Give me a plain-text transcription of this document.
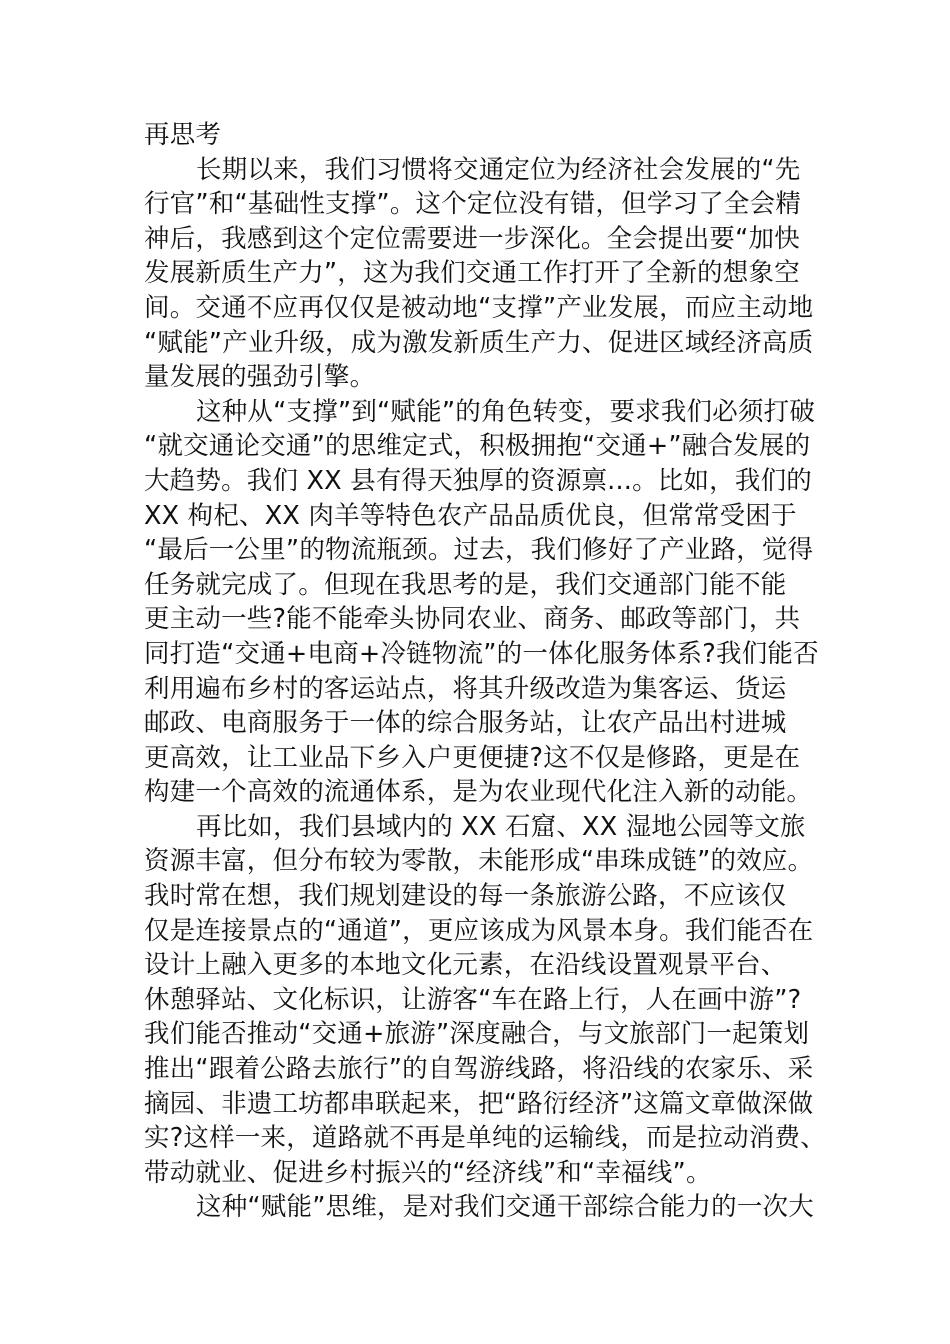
再思考
长期以来，我们习惯将交通定位为经济社会发展的“先
行官”和“基础性支撑”。这个定位没有错，但学习了全会精
神后，我感到这个定位需要进一步深化。全会提出要“加快
发展新质生产力”，这为我们交通工作打开了全新的想象空
间。交通不应再仅仅是被动地“支撑”产业发展，而应主动地
“赋能”产业升级，成为激发新质生产力、促进区域经济高质
量发展的强劲引擎。
这种从“支撑”到“赋能”的角色转变，要求我们必须打破
“就交通论交通”的思维定式，积极拥抱“交通+”融合发展的
大趋势。我们 XX 县有得天独厚的资源禀...。比如，我们的
XX 枸杞、XX 肉羊等特色农产品品质优良，但常常受困于
“最后一公里”的物流瓶颈。过去，我们修好了产业路，觉得
任务就完成了。但现在我思考的是，我们交通部门能不能
更主动一些?能不能牵头协同农业、商务、邮政等部门，共
同打造“交通+电商+冷链物流”的一体化服务体系?我们能否
利用遍布乡村的客运站点，将其升级改造为集客运、货运
邮政、电商服务于一体的综合服务站，让农产品出村进城
更高效，让工业品下乡入户更便捷?这不仅是修路，更是在
构建一个高效的流通体系，是为农业现代化注入新的动能。
再比如，我们县域内的 XX 石窟、XX 湿地公园等文旅
资源丰富，但分布较为零散，未能形成“串珠成链”的效应。
我时常在想，我们规划建设的每一条旅游公路，不应该仅
仅是连接景点的“通道”，更应该成为风景本身。我们能否在
设计上融入更多的本地文化元素，在沿线设置观景平台、
休憩驿站、文化标识，让游客“车在路上行，人在画中游”?
我们能否推动“交通+旅游”深度融合，与文旅部门一起策划
推出“跟着公路去旅行”的自驾游线路，将沿线的农家乐、采
摘园、非遗工坊都串联起来，把“路衍经济”这篇文章做深做
实?这样一来，道路就不再是单纯的运输线，而是拉动消费、
带动就业、促进乡村振兴的“经济线”和“幸福线”。
这种“赋能”思维，是对我们交通干部综合能力的一次大
